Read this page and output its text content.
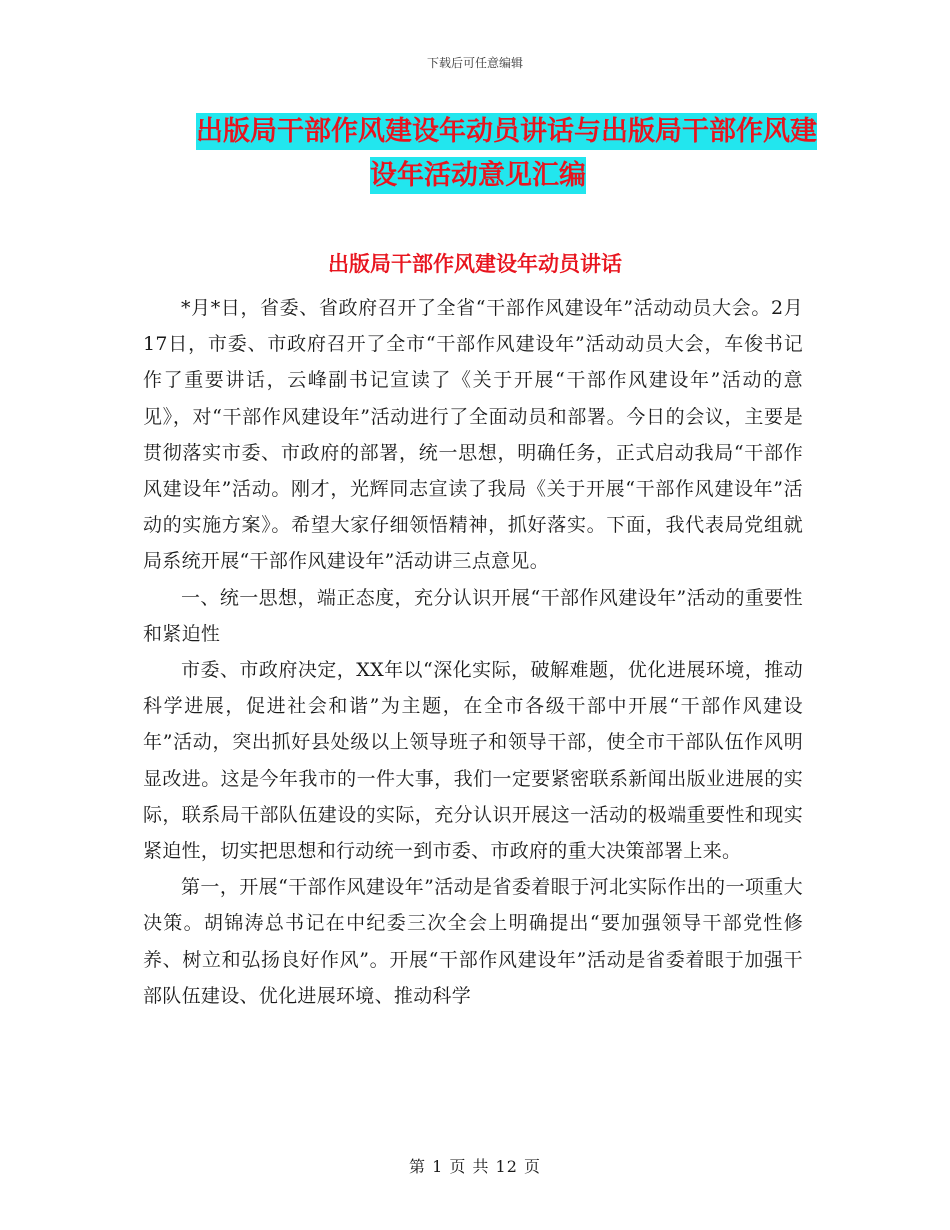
下载后可任意编辑
出版局干部作风建设年动员讲话与出版局干部作风建
设年活动意见汇编
出版局干部作风建设年动员讲话

*月*日，省委、省政府召开了全省“干部作风建设年”活动动员大会。2月17日，市委、市政府召开了全市“干部作风建设年”活动动员大会，车俊书记作了重要讲话，云峰副书记宣读了《关于开展“干部作风建设年”活动的意见》，对“干部作风建设年”活动进行了全面动员和部署。今日的会议，主要是贯彻落实市委、市政府的部署，统一思想，明确任务，正式启动我局“干部作风建设年”活动。刚才，光辉同志宣读了我局《关于开展“干部作风建设年”活动的实施方案》。希望大家仔细领悟精神，抓好落实。下面，我代表局党组就局系统开展“干部作风建设年”活动讲三点意见。

一、统一思想，端正态度，充分认识开展“干部作风建设年”活动的重要性和紧迫性

市委、市政府决定，XX年以“深化实际，破解难题，优化进展环境，推动科学进展，促进社会和谐”为主题，在全市各级干部中开展“干部作风建设年”活动，突出抓好县处级以上领导班子和领导干部，使全市干部队伍作风明显改进。这是今年我市的一件大事，我们一定要紧密联系新闻出版业进展的实际，联系局干部队伍建设的实际，充分认识开展这一活动的极端重要性和现实紧迫性，切实把思想和行动统一到市委、市政府的重大决策部署上来。

第一，开展“干部作风建设年”活动是省委着眼于河北实际作出的一项重大决策。胡锦涛总书记在中纪委三次全会上明确提出“要加强领导干部党性修养、树立和弘扬良好作风”。开展“干部作风建设年”活动是省委着眼于加强干部队伍建设、优化进展环境、推动科学

第 1 页 共 12 页
